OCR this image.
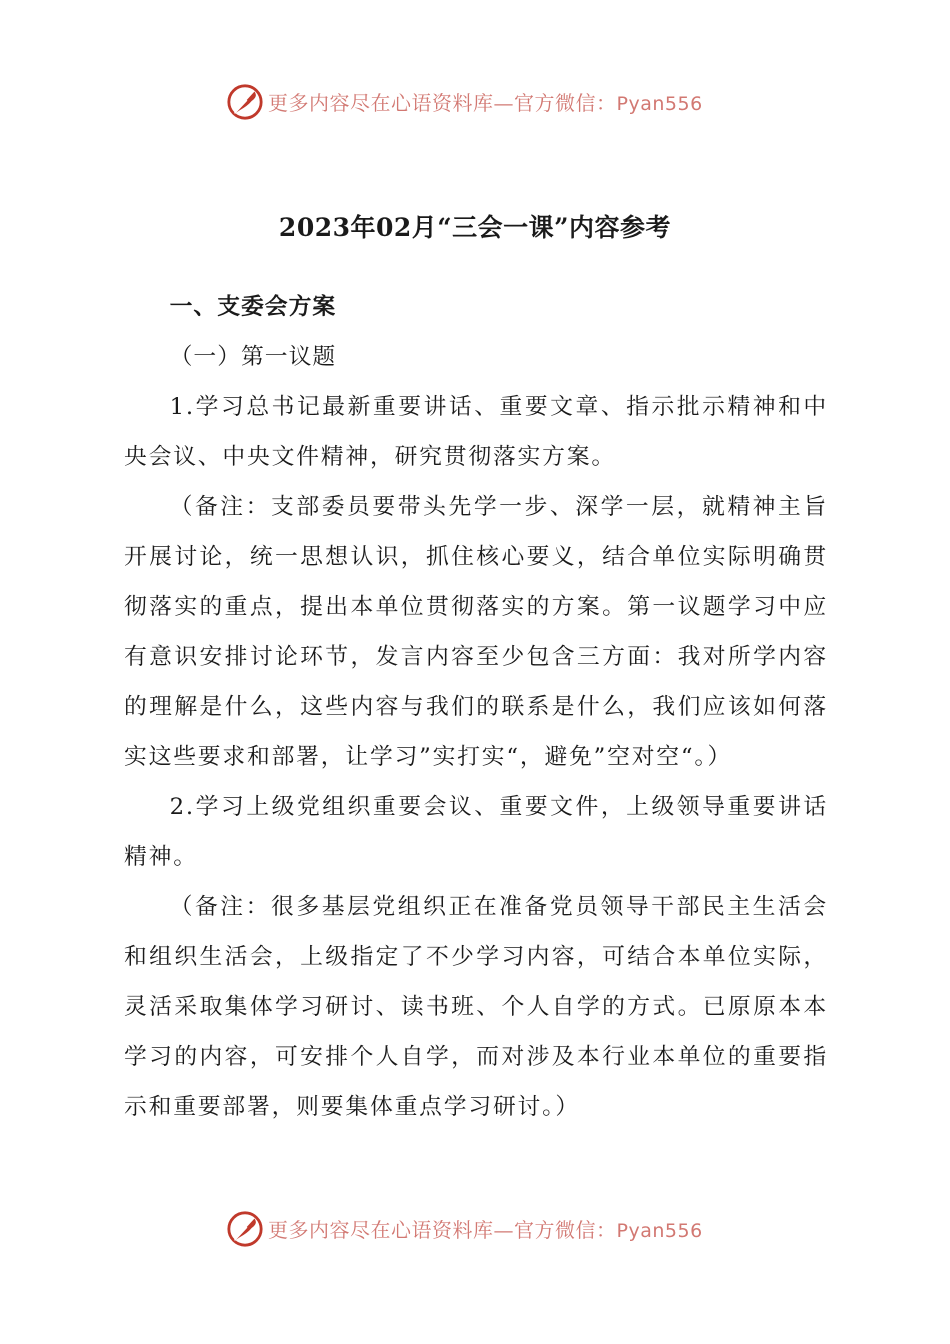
更多内容尽在心语资料库—官方微信：Pyan556
2023年02月“三会一课”内容参考

一、支委会方案

（一）第一议题

1.学习总书记最新重要讲话、重要文章、指示批示精神和中央会议、中央文件精神，研究贯彻落实方案。

（备注：支部委员要带头先学一步、深学一层，就精神主旨开展讨论，统一思想认识，抓住核心要义，结合单位实际明确贯彻落实的重点，提出本单位贯彻落实的方案。第一议题学习中应有意识安排讨论环节，发言内容至少包含三方面：我对所学内容的理解是什么，这些内容与我们的联系是什么，我们应该如何落实这些要求和部署，让学习”实打实“，避免”空对空“。）

2.学习上级党组织重要会议、重要文件，上级领导重要讲话精神。

（备注：很多基层党组织正在准备党员领导干部民主生活会和组织生活会，上级指定了不少学习内容，可结合本单位实际，灵活采取集体学习研讨、读书班、个人自学的方式。已原原本本学习的内容，可安排个人自学，而对涉及本行业本单位的重要指示和重要部署，则要集体重点学习研讨。）

更多内容尽在心语资料库—官方微信：Pyan556
